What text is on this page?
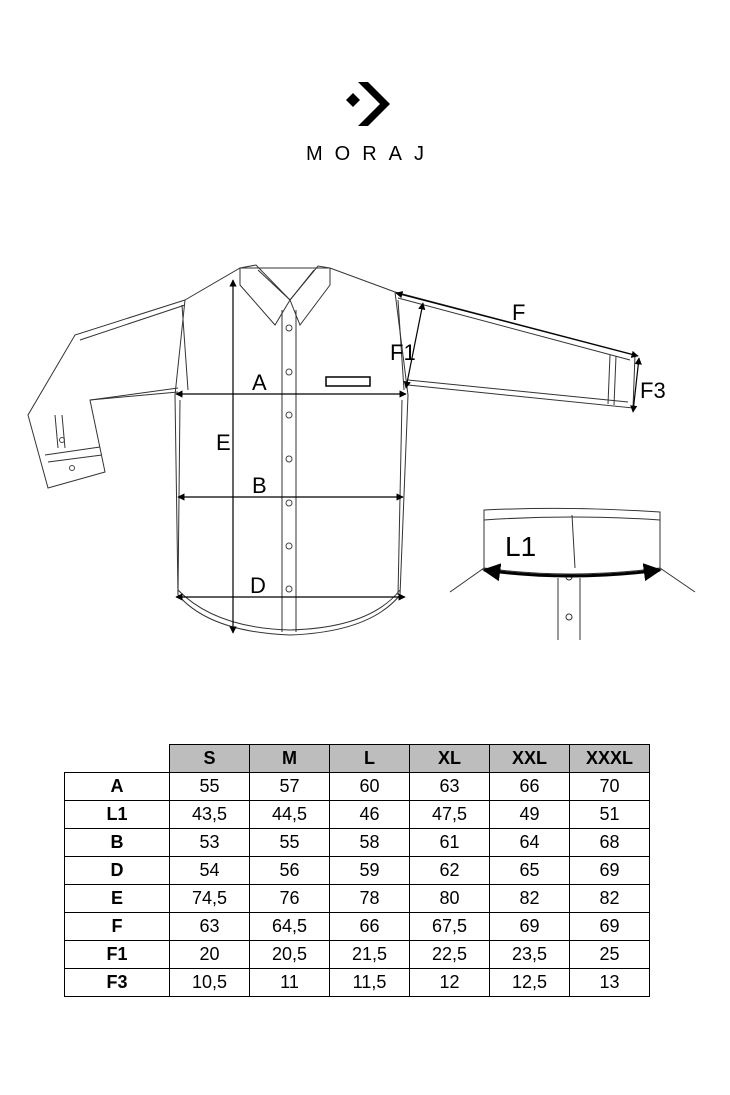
MORAJ
A
B
D
E
F
F1
F3
L1
	S	M	L	XL	XXL	XXXL
A	55	57	60	63	66	70
L1	43,5	44,5	46	47,5	49	51
B	53	55	58	61	64	68
D	54	56	59	62	65	69
E	74,5	76	78	80	82	82
F	63	64,5	66	67,5	69	69
F1	20	20,5	21,5	22,5	23,5	25
F3	10,5	11	11,5	12	12,5	13
